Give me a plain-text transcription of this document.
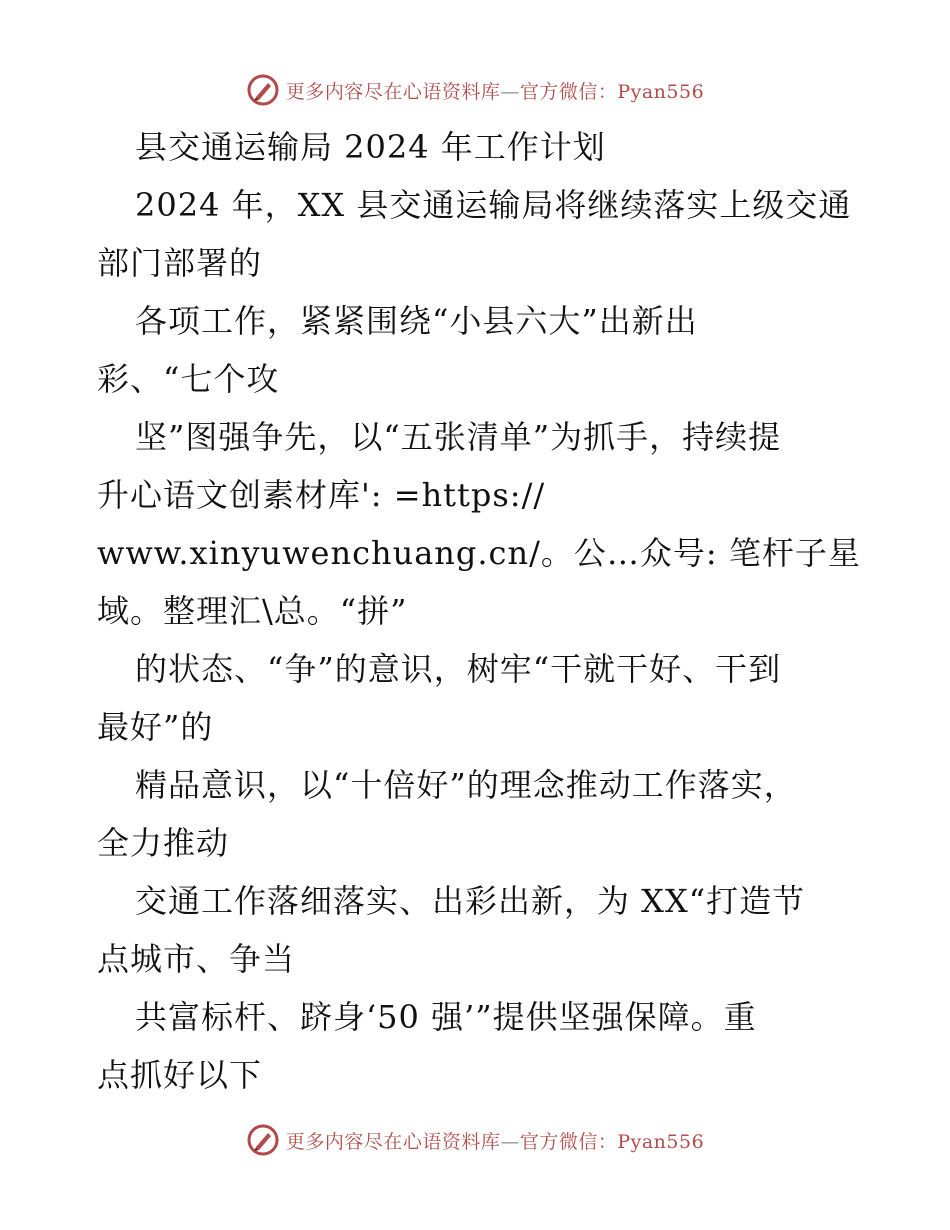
更多内容尽在心语资料库—官方微信：Pyan556
县交通运输局 2024 年工作计划
2024 年，XX 县交通运输局将继续落实上级交通
部门部署的
各项工作，紧紧围绕“小县六大”出新出
彩、“七个攻
坚”图强争先，以“五张清单”为抓手，持续提
升心语文创素材库': =https://
www.xinyuwenchuang.cn/。公…众号: 笔杆子星
域。整理汇\总。“拼”
的状态、“争”的意识，树牢“干就干好、干到
最好”的
精品意识，以“十倍好”的理念推动工作落实，
全力推动
交通工作落细落实、出彩出新，为 XX“打造节
点城市、争当
共富标杆、跻身‘50 强’”提供坚强保障。重
点抓好以下
更多内容尽在心语资料库—官方微信：Pyan556
